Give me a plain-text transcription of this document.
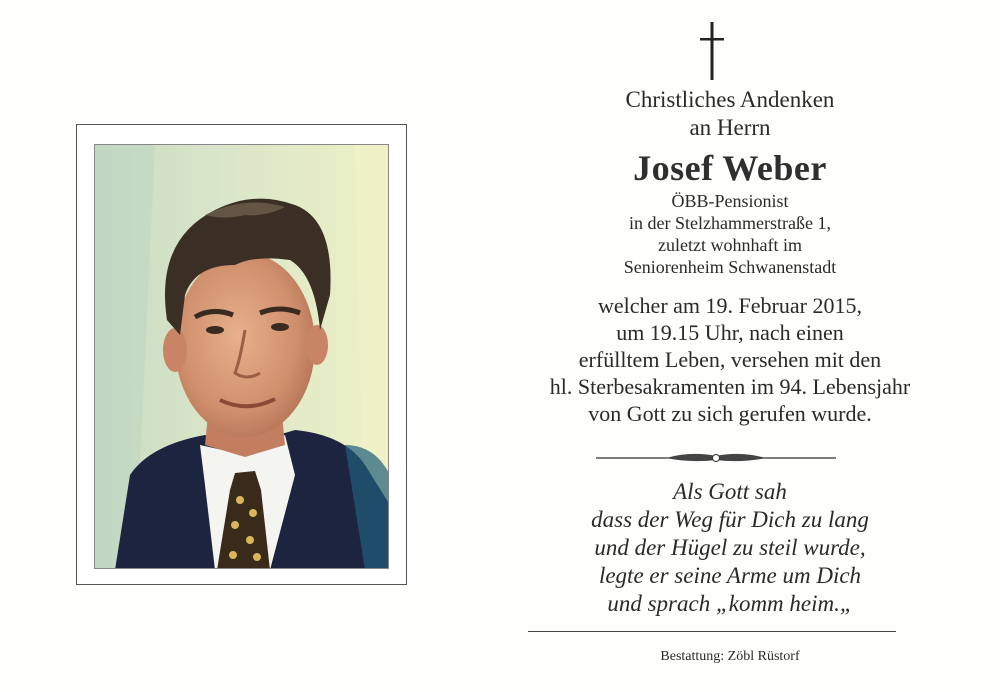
Christliches Andenken
an Herrn
Josef Weber
ÖBB-Pensionist
in der Stelzhammerstraße 1,
zuletzt wohnhaft im
Seniorenheim Schwanenstadt
welcher am 19. Februar 2015,
um 19.15 Uhr, nach einen
erfülltem Leben, versehen mit den
hl. Sterbesakramenten im 94. Lebensjahr
von Gott zu sich gerufen wurde.
Als Gott sah
dass der Weg für Dich zu lang
und der Hügel zu steil wurde,
legte er seine Arme um Dich
und sprach „komm heim.„
Bestattung: Zöbl Rüstorf
